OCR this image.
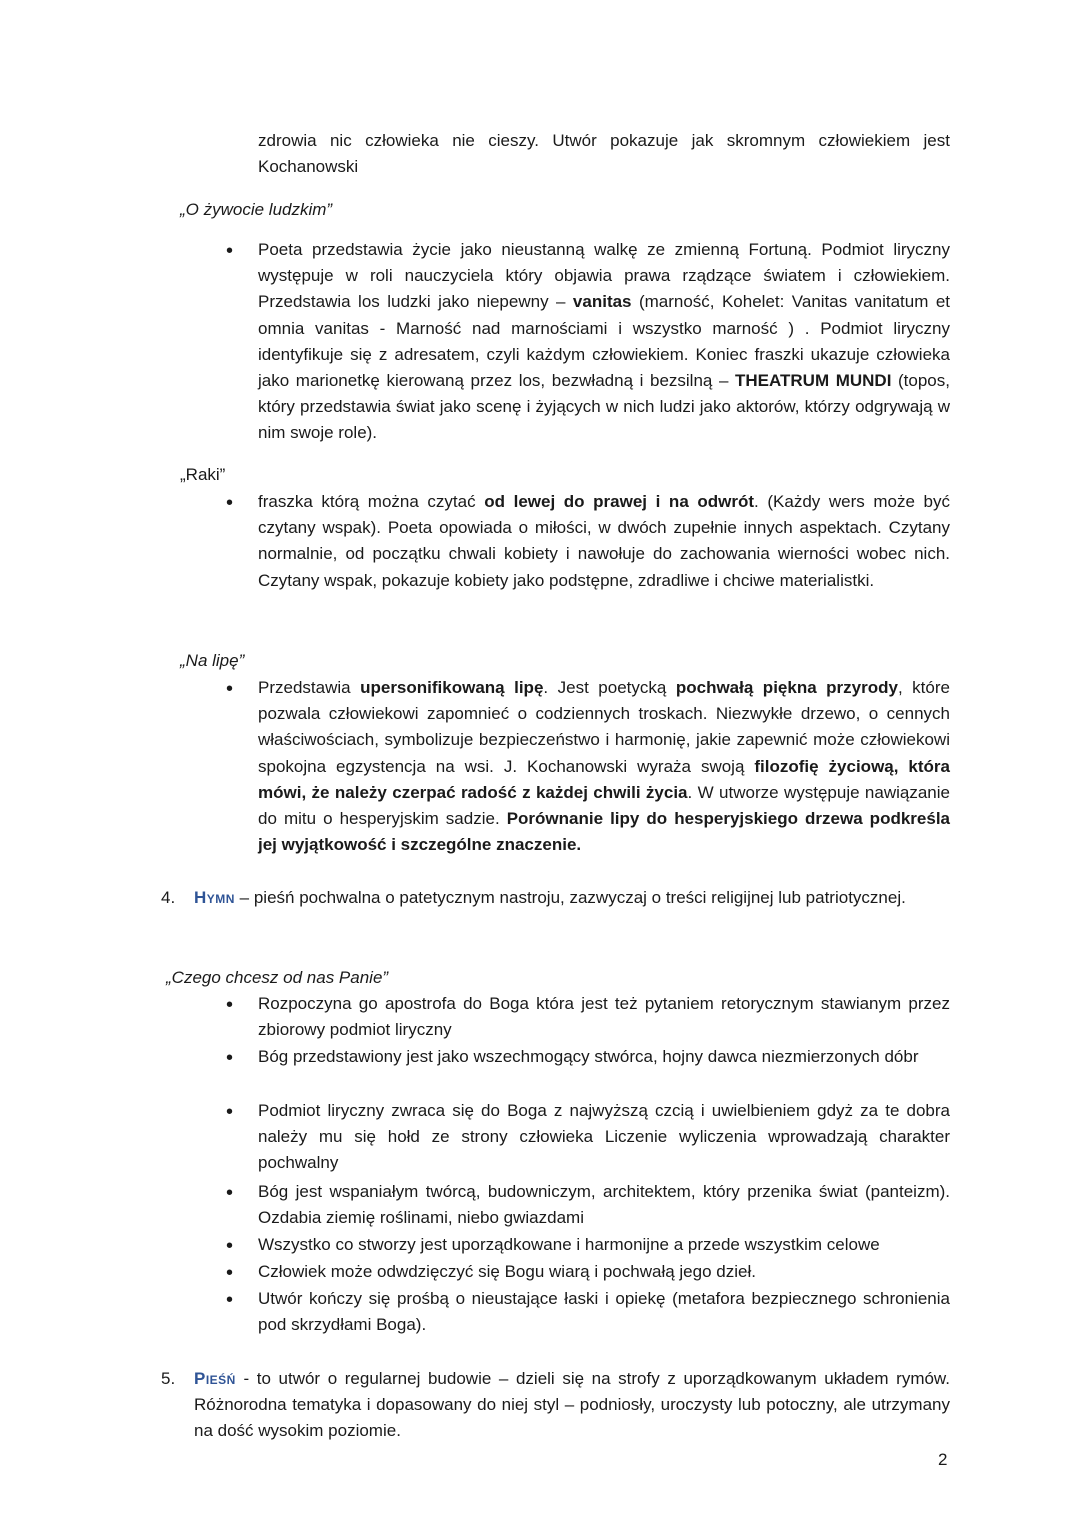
zdrowia nic człowieka nie cieszy. Utwór pokazuje jak skromnym człowiekiem jest Kochanowski
„O żywocie ludzkim”
•
Poeta przedstawia życie jako nieustanną walkę ze zmienną Fortuną. Podmiot liryczny występuje w roli nauczyciela który objawia prawa rządzące światem i człowiekiem. Przedstawia los ludzki jako niepewny – vanitas (marność, Kohelet: Vanitas vanitatum et omnia vanitas - Marność nad marnościami i wszystko marność ) . Podmiot liryczny identyfikuje się z adresatem, czyli każdym człowiekiem. Koniec fraszki ukazuje człowieka jako marionetkę kierowaną przez los, bezwładną i bezsilną – THEATRUM MUNDI (topos, który przedstawia świat jako scenę i żyjących w nich ludzi jako aktorów, którzy odgrywają w nim swoje role).
„Raki”
•
fraszka którą można czytać od lewej do prawej i na odwrót. (Każdy wers może być czytany wspak). Poeta opowiada o miłości, w dwóch zupełnie innych aspektach. Czytany normalnie, od początku chwali kobiety i nawołuje do zachowania wierności wobec nich. Czytany wspak, pokazuje kobiety jako podstępne, zdradliwe i chciwe materialistki.
„Na lipę”
•
Przedstawia upersonifikowaną lipę. Jest poetycką pochwałą piękna przyrody, które pozwala człowiekowi zapomnieć o codziennych troskach. Niezwykłe drzewo, o cennych właściwościach, symbolizuje bezpieczeństwo i harmonię, jakie zapewnić może człowiekowi spokojna egzystencja na wsi. J. Kochanowski wyraża swoją filozofię życiową, która mówi, że należy czerpać radość z każdej chwili życia. W utworze występuje nawiązanie do mitu o hesperyjskim sadzie. Porównanie lipy do hesperyjskiego drzewa podkreśla jej wyjątkowość i szczególne znaczenie.
4. Hymn – pieśń pochwalna o patetycznym nastroju, zazwyczaj o treści religijnej lub patriotycznej.
„Czego chcesz od nas Panie”
•
Rozpoczyna go apostrofa do Boga która jest też pytaniem retorycznym stawianym przez zbiorowy podmiot liryczny
•
Bóg przedstawiony jest jako wszechmogący stwórca, hojny dawca niezmierzonych dóbr
•
Podmiot liryczny zwraca się do Boga z najwyższą czcią i uwielbieniem gdyż za te dobra należy mu się hołd ze strony człowieka Liczenie wyliczenia wprowadzają charakter pochwalny
•
Bóg jest wspaniałym twórcą, budowniczym, architektem, który przenika świat (panteizm). Ozdabia ziemię roślinami, niebo gwiazdami
•
Wszystko co stworzy jest uporządkowane i harmonijne a przede wszystkim celowe
•
Człowiek może odwdzięczyć się Bogu wiarą i pochwałą jego dzieł.
•
Utwór kończy się prośbą o nieustające łaski i opiekę (metafora bezpiecznego schronienia pod skrzydłami Boga).
5. Pieśń - to utwór o regularnej budowie – dzieli się na strofy z uporządkowanym układem rymów. Różnorodna tematyka i dopasowany do niej styl – podniosły, uroczysty lub potoczny, ale utrzymany na dość wysokim poziomie.
2
